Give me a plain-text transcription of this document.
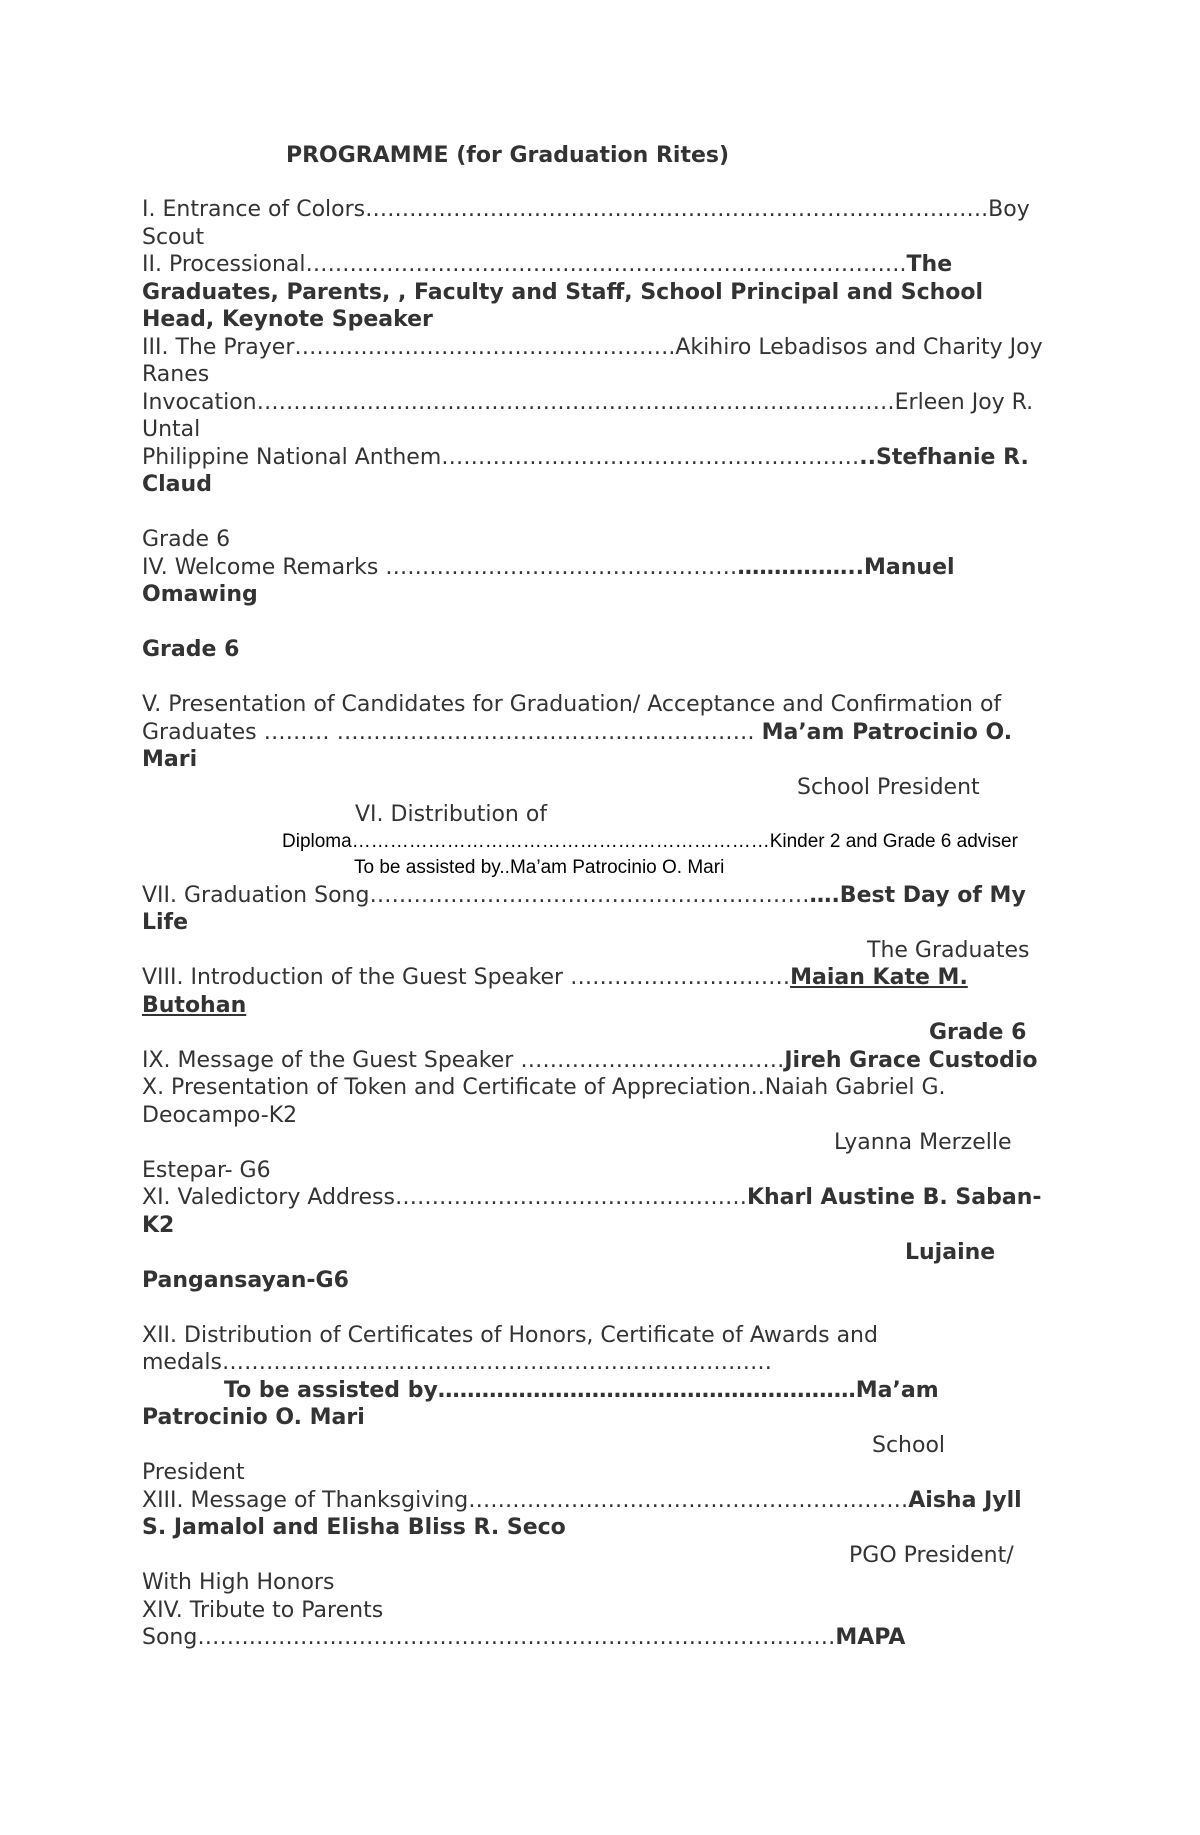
PROGRAMME (for Graduation Rites)

I. Entrance of Colors………………………………………………………………………….Boy Scout

II. Processional……………………………………………………………………….The Graduates, Parents, , Faculty and Staff, School Principal and School Head, Keynote Speaker

III. The Prayer…………………………………………….Akihiro Lebadisos and Charity Joy Ranes

Invocation……………………………………………………………………………Erleen Joy R. Untal

Philippine National Anthem…………………………………………………..Stefhanie R. Claud

Grade 6

IV. Welcome Remarks ………………………………………………………..Manuel Omawing

Grade 6

V. Presentation of Candidates for Graduation/ Acceptance and Confirmation of Graduates ……… ………………………………………………… Ma’am Patrocinio O. Mari

School President

VI. Distribution of

Diploma…………………………………………………………Kinder 2 and Grade 6 adviser

To be assisted by..Ma’am Patrocinio O. Mari

VII. Graduation Song……………………………………………………….Best Day of My Life

The Graduates

VIII. Introduction of the Guest Speaker …………………………Maian Kate M. Butohan

Grade 6

IX. Message of the Guest Speaker ………………………………Jireh Grace Custodio

X. Presentation of Token and Certificate of Appreciation..Naiah Gabriel G. Deocampo-K2

Lyanna Merzelle

Estepar- G6

XI. Valedictory Address…………………………………………Kharl Austine B. Saban-K2

Lujaine

Pangansayan-G6

XII. Distribution of Certificates of Honors, Certificate of Awards and medals…………………………………………………………………

To be assisted by…………………………………………………Ma’am Patrocinio O. Mari

School

President

XIII. Message of Thanksgiving……………………………………………………Aisha Jyll S. Jamalol and Elisha Bliss R. Seco

PGO President/

With High Honors

XIV. Tribute to Parents

Song……………………………………………………………………………MAPA
